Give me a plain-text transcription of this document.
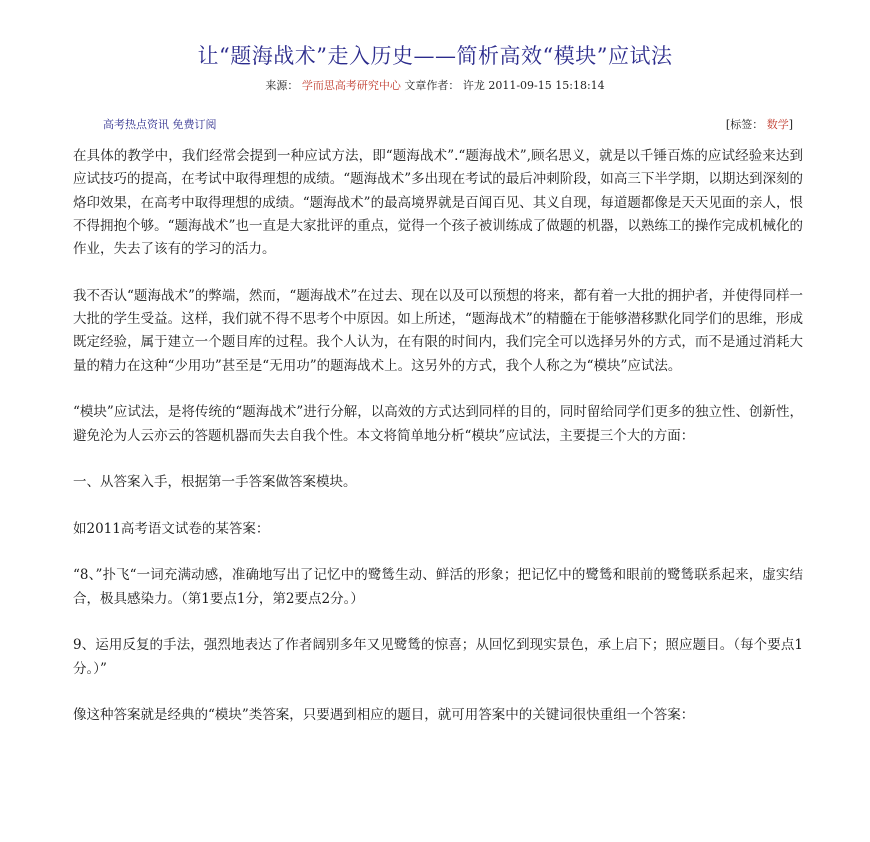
让“题海战术”走入历史——简析高效“模块”应试法
来源： 学而思高考研究中心 文章作者： 许龙 2011-09-15 15:18:14
高考热点资讯 免费订阅	[标签： 数学]

在具体的教学中，我们经常会提到一种应试方法，即“题海战术”.“题海战术”,顾名思义，就是以千锤百炼的应试经验来达到应试技巧的提高，在考试中取得理想的成绩。“题海战术”多出现在考试的最后冲刺阶段，如高三下半学期，以期达到深刻的烙印效果，在高考中取得理想的成绩。“题海战术”的最高境界就是百闻百见、其义自现，每道题都像是天天见面的亲人，恨不得拥抱个够。“题海战术”也一直是大家批评的重点，觉得一个孩子被训练成了做题的机器，以熟练工的操作完成机械化的作业，失去了该有的学习的活力。

我不否认“题海战术”的弊端，然而，“题海战术”在过去、现在以及可以预想的将来，都有着一大批的拥护者，并使得同样一大批的学生受益。这样，我们就不得不思考个中原因。如上所述，“题海战术”的精髓在于能够潜移默化同学们的思维，形成既定经验，属于建立一个题目库的过程。我个人认为，在有限的时间内，我们完全可以选择另外的方式，而不是通过消耗大量的精力在这种“少用功”甚至是“无用功”的题海战术上。这另外的方式，我个人称之为“模块”应试法。

“模块”应试法，是将传统的“题海战术”进行分解，以高效的方式达到同样的目的，同时留给同学们更多的独立性、创新性，避免沦为人云亦云的答题机器而失去自我个性。本文将简单地分析“模块”应试法，主要提三个大的方面：

一、从答案入手，根据第一手答案做答案模块。

如2011高考语文试卷的某答案：

“8、”扑飞“一词充满动感，准确地写出了记忆中的鹭鸶生动、鲜活的形象；把记忆中的鹭鸶和眼前的鹭鸶联系起来，虚实结合，极具感染力。（第1要点1分，第2要点2分。）

9、运用反复的手法，强烈地表达了作者阔别多年又见鹭鸶的惊喜；从回忆到现实景色，承上启下；照应题目。（每个要点1分。）”

像这种答案就是经典的“模块”类答案，只要遇到相应的题目，就可用答案中的关键词很快重组一个答案：
